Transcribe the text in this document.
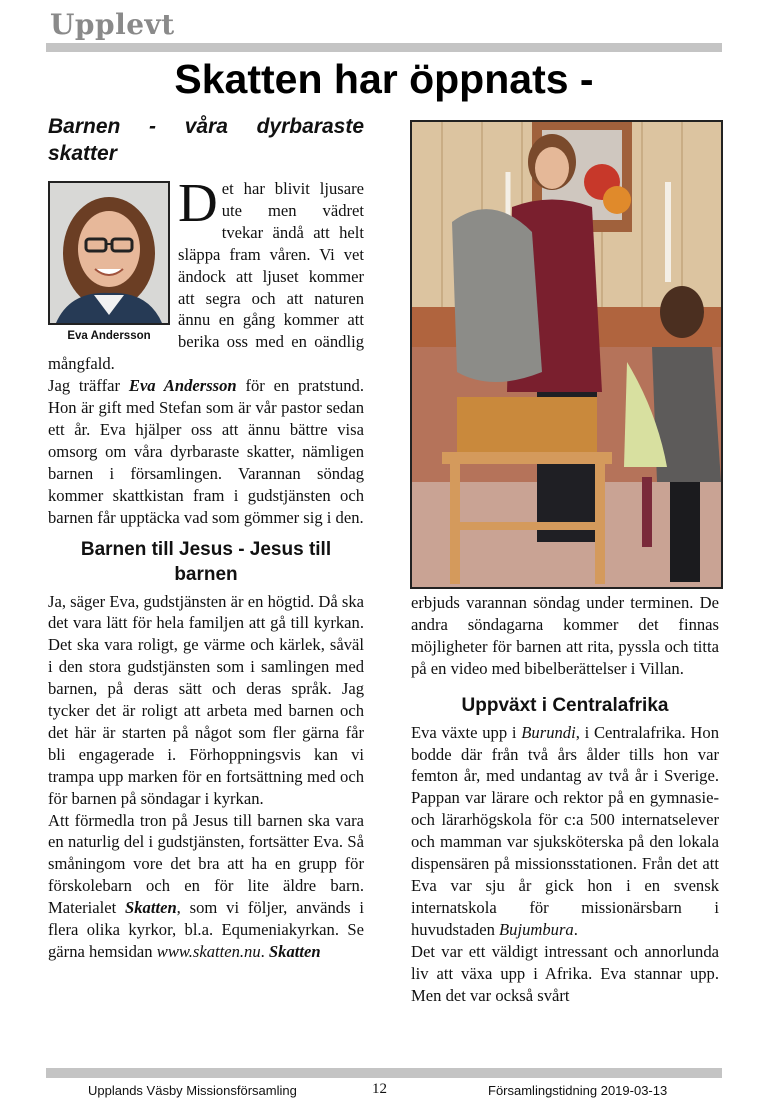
Upplevt
Skatten har öppnats -
Barnen - våra dyrbaraste skatter
Eva Andersson

Det har blivit ljusare ute men vädret tvekar ändå att helt släppa fram våren. Vi vet ändock att ljuset kommer att segra och att naturen ännu en gång kommer att berika oss med en oändlig mångfald.

Jag träffar Eva Andersson för en pratstund. Hon är gift med Stefan som är vår pastor sedan ett år. Eva hjälper oss att ännu bättre visa omsorg om våra dyrbaraste skatter, nämligen barnen i församlingen. Varannan söndag kommer skattkistan fram i gudstjänsten och barnen får upptäcka vad som gömmer sig i den.

Barnen till Jesus - Jesus till barnen

Ja, säger Eva, gudstjänsten är en högtid. Då ska det vara lätt för hela familjen att gå till kyrkan. Det ska vara roligt, ge värme och kärlek, såväl i den stora gudstjänsten som i samlingen med barnen, på deras sätt och deras språk. Jag tycker det är roligt att arbeta med barnen och det här är starten på något som fler gärna får bli engagerade i. Förhoppningsvis kan vi trampa upp marken för en fortsättning med och för barnen på söndagar i kyrkan.

Att förmedla tron på Jesus till barnen ska vara en naturlig del i gudstjänsten, fortsätter Eva. Så småningom vore det bra att ha en grupp för förskolebarn och en för lite äldre barn. Materialet Skatten, som vi följer, används i flera olika kyrkor, bl.a. Equmeniakyrkan. Se gärna hemsidan www.skatten.nu. Skatten

erbjuds varannan söndag under terminen. De andra söndagarna kommer det finnas möjligheter för barnen att rita, pyssla och titta på en video med bibelberättelser i Villan.

Uppväxt i Centralafrika

Eva växte upp i Burundi, i Centralafrika. Hon bodde där från två års ålder tills hon var femton år, med undantag av två år i Sverige. Pappan var lärare och rektor på en gymnasie- och lärarhögskola för c:a 500 internatselever och mamman var sjuksköterska på den lokala dispensären på missionsstationen. Från det att Eva var sju år gick hon i en svensk internatskola för missionärsbarn i huvudstaden Bujumbura.

Det var ett väldigt intressant och annorlunda liv att växa upp i Afrika. Eva stannar upp. Men det var också svårt

Upplands Väsby Missionsförsamling	12	Församlingstidning 2019-03-13
